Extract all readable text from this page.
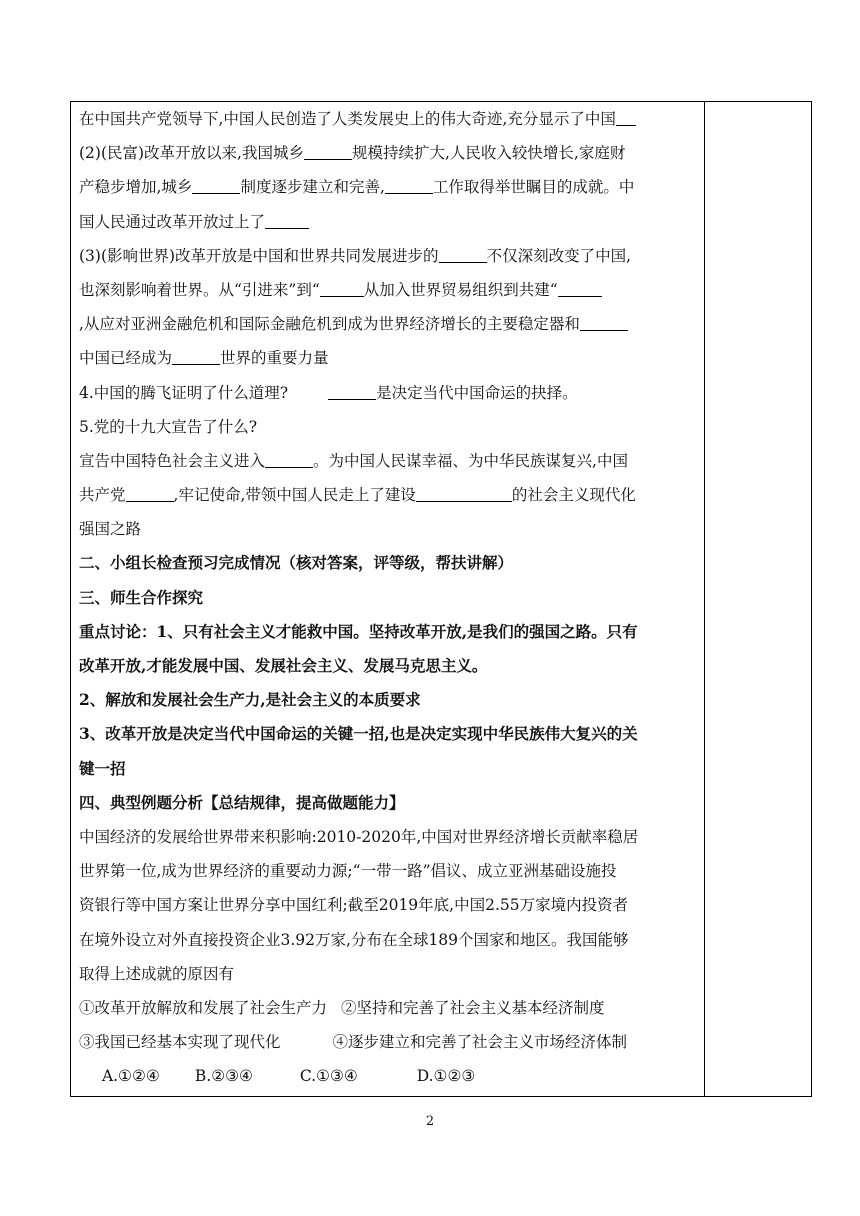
在中国共产党领导下,中国人民创造了人类发展史上的伟大奇迹,充分显示了中国
(2)(民富)改革开放以来,我国城乡	规模持续扩大,人民收入较快增长,家庭财
产稳步增加,城乡	制度逐步建立和完善,	工作取得举世瞩目的成就。中
国人民通过改革开放过上了
(3)(影响世界)改革开放是中国和世界共同发展进步的	不仅深刻改变了中国,
也深刻影响着世界。从“引进来”到“	从加入世界贸易组织到共建“
,从应对亚洲金融危机和国际金融危机到成为世界经济增长的主要稳定器和
中国已经成为	世界的重要力量
4.中国的腾飞证明了什么道理?	是决定当代中国命运的抉择。
5.党的十九大宣告了什么?
宣告中国特色社会主义进入	。为中国人民谋幸福、为中华民族谋复兴,中国
共产党	,牢记使命,带领中国人民走上了建设	的社会主义现代化
强国之路
二、小组长检查预习完成情况（核对答案，评等级，帮扶讲解）
三、师生合作探究
重点讨论：1、只有社会主义才能救中国。坚持改革开放,是我们的强国之路。只有
改革开放,才能发展中国、发展社会主义、发展马克思主义。
2、解放和发展社会生产力,是社会主义的本质要求
3、改革开放是决定当代中国命运的关键一招,也是决定实现中华民族伟大复兴的关
键一招
四、典型例题分析【总结规律，提高做题能力】
中国经济的发展给世界带来积影响:2010-2020年,中国对世界经济增长贡献率稳居
世界第一位,成为世界经济的重要动力源;“一带一路”倡议、成立亚洲基础设施投
资银行等中国方案让世界分享中国红利;截至2019年底,中国2.55万家境内投资者
在境外设立对外直接投资企业3.92万家,分布在全球189个国家和地区。我国能够
取得上述成就的原因有
①改革开放解放和发展了社会生产力 ②坚持和完善了社会主义基本经济制度
③我国已经基本实现了现代化	④逐步建立和完善了社会主义市场经济体制
A.①②④ B.②③④	C.①③④	D.①②③
2
